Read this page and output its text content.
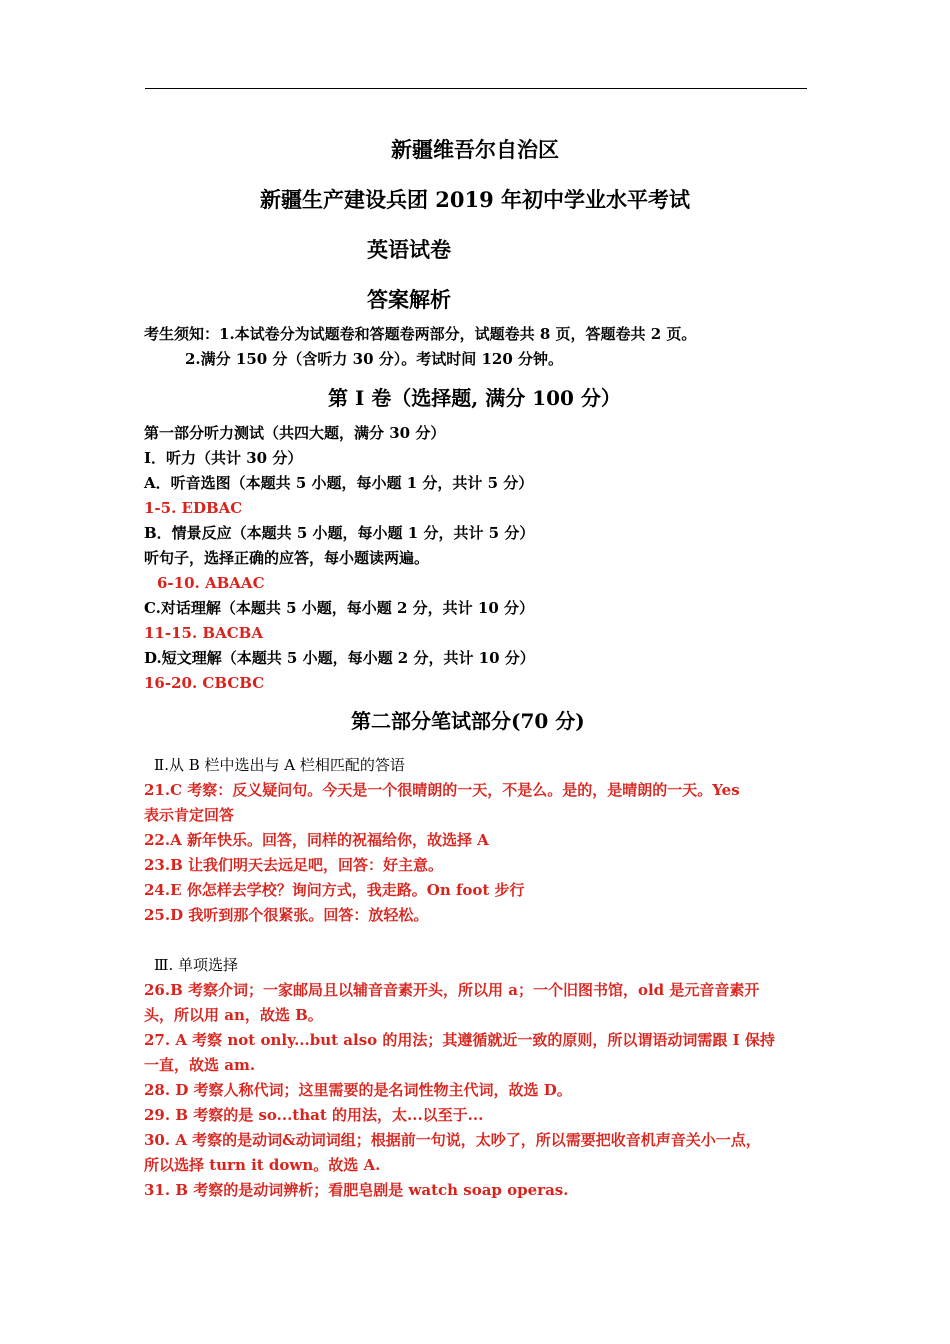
新疆维吾尔自治区
新疆生产建设兵团 2019 年初中学业水平考试
英语试卷
答案解析
考生须知：1.本试卷分为试题卷和答题卷两部分，试题卷共 8 页，答题卷共 2 页。
2.满分 150 分（含听力 30 分）。考试时间 120 分钟。
第 I 卷（选择题, 满分 100 分）
第一部分听力测试（共四大题，满分 30 分）
I．听力（共计 30 分）
A．听音选图（本题共 5 小题，每小题 1 分，共计 5 分）
1-5. EDBAC
B．情景反应（本题共 5 小题，每小题 1 分，共计 5 分）
听句子，选择正确的应答，每小题读两遍。
6-10. ABAAC
C.对话理解（本题共 5 小题，每小题 2 分，共计 10 分）
11-15. BACBA
D.短文理解（本题共 5 小题，每小题 2 分，共计 10 分）
16-20. CBCBC
第二部分笔试部分(70 分)
Ⅱ.从 B 栏中选出与 A 栏相匹配的答语
21.C 考察：反义疑问句。今天是一个很晴朗的一天，不是么。是的，是晴朗的一天。Yes
表示肯定回答
22.A 新年快乐。回答，同样的祝福给你，故选择 A
23.B 让我们明天去远足吧，回答：好主意。
24.E 你怎样去学校？询问方式，我走路。On foot 步行
25.D 我听到那个很紧张。回答：放轻松。
Ⅲ. 单项选择
26.B 考察介词；一家邮局且以辅音音素开头，所以用 a；一个旧图书馆，old 是元音音素开
头，所以用 an，故选 B。
27. A 考察 not only...but also 的用法；其遵循就近一致的原则，所以谓语动词需跟 I 保持
一直，故选 am.
28. D 考察人称代词；这里需要的是名词性物主代词，故选 D。
29. B 考察的是 so...that 的用法，太...以至于...
30. A 考察的是动词&动词词组；根据前一句说，太吵了，所以需要把收音机声音关小一点，
所以选择 turn it down。故选 A.
31. B 考察的是动词辨析；看肥皂剧是 watch soap operas.
